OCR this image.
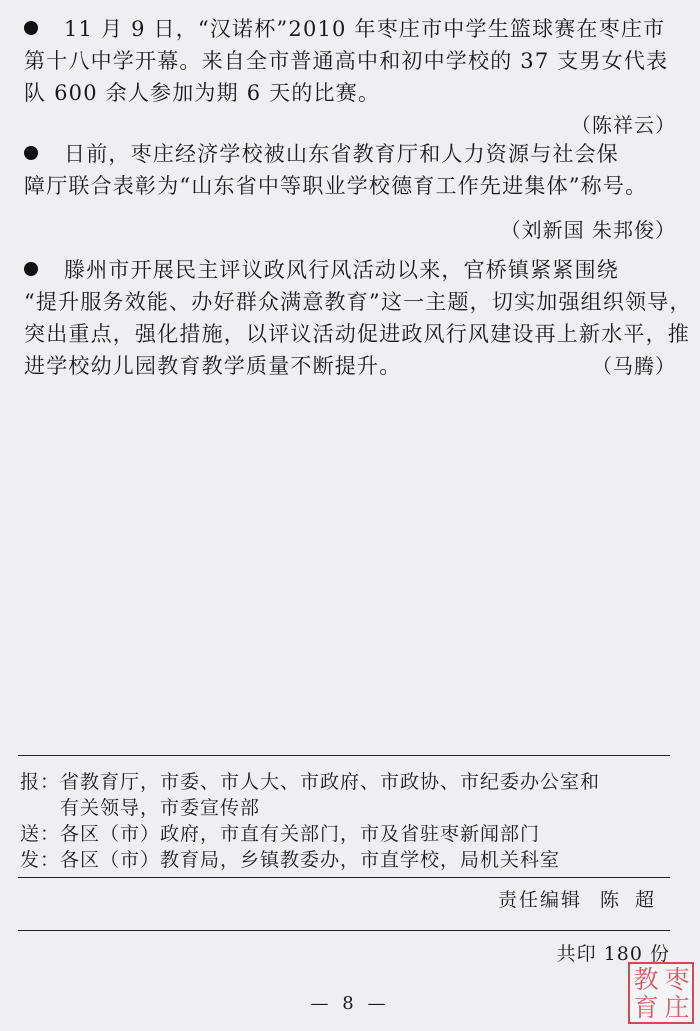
11 月 9 日，“汉诺杯”2010 年枣庄市中学生篮球赛在枣庄市
第十八中学开幕。来自全市普通高中和初中学校的 37 支男女代表
队 600 余人参加为期 6 天的比赛。
（陈祥云）
日前，枣庄经济学校被山东省教育厅和人力资源与社会保
障厅联合表彰为“山东省中等职业学校德育工作先进集体”称号。
（刘新国 朱邦俊）
滕州市开展民主评议政风行风活动以来，官桥镇紧紧围绕
“提升服务效能、办好群众满意教育”这一主题，切实加强组织领导，
突出重点，强化措施，以评议活动促进政风行风建设再上新水平，推
进学校幼儿园教育教学质量不断提升。	（马腾）
报：省教育厅，市委、市人大、市政府、市政协、市纪委办公室和
有关领导，市委宣传部
送：各区（市）政府，市直有关部门，市及省驻枣新闻部门
发：各区（市）教育局，乡镇教委办，市直学校，局机关科室
责任编辑 陈超
共印 180 份
— 8 —
枣
庄
教
育
